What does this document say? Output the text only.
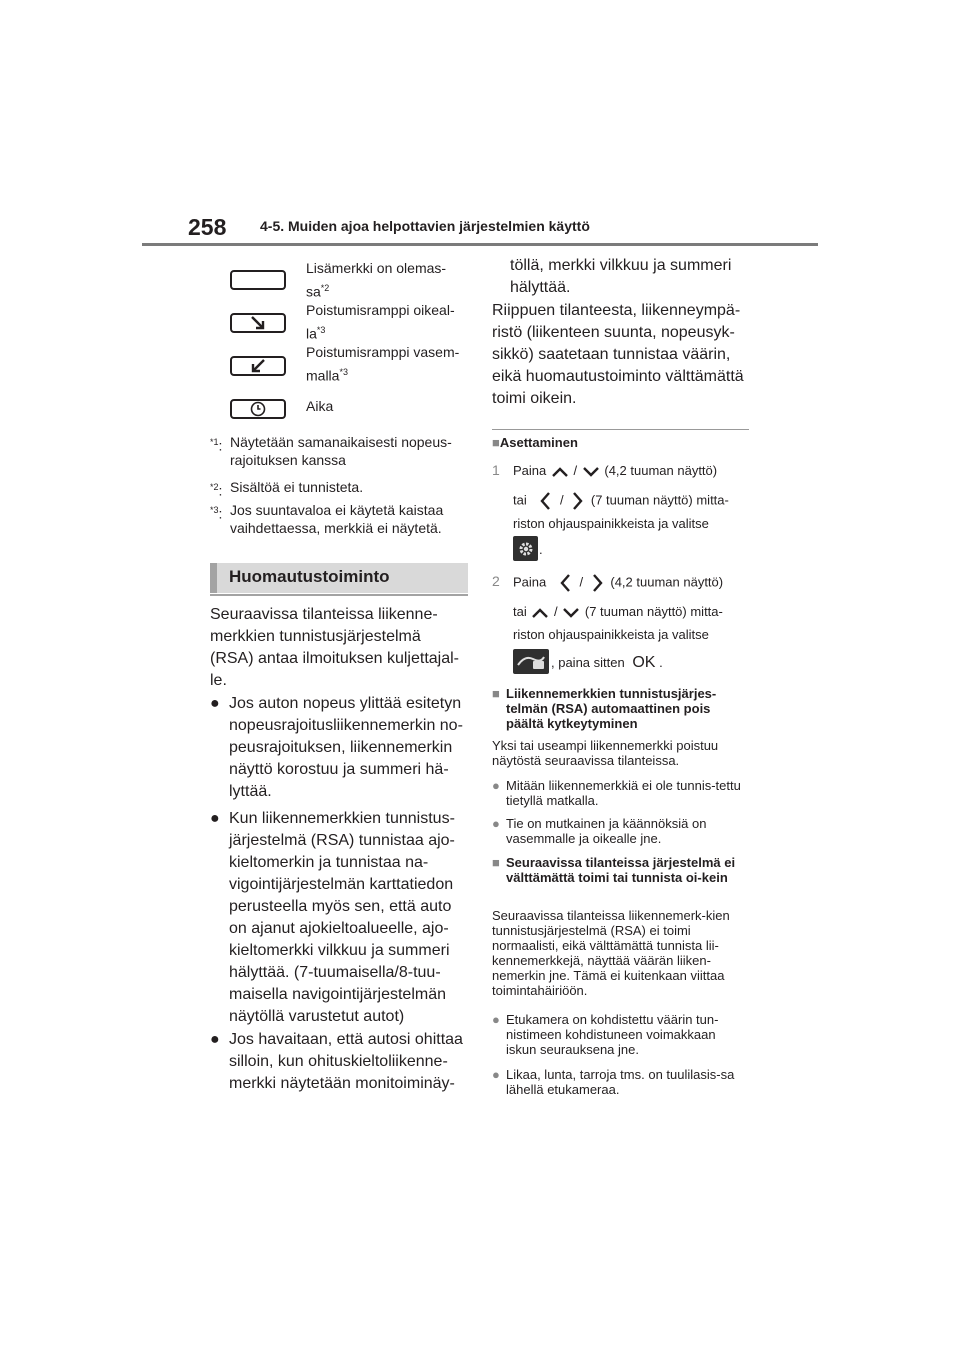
258 4-5. Muiden ajoa helpottavien järjestelmien käyttö
Lisämerkki on olemas-
$sa^{*2}$
Poistumisramppi oikeal-
$la^{*3}$
Poistumisramppi vasem-
malla$^{*3}$
Aika
$^{*1}$: Näytetään samanaikaisesti nopeus-rajoituksen kanssa
$^{*2}$: Sisältöä ei tunnisteta.
$^{*3}$: Jos suuntavaloa ei käytetä kaistaa vaihdettaessa, merkkiä ei näytetä.
Huomautustoiminto
Seuraavissa tilanteissa liikenne-merkkien tunnistusjärjestelmä (RSA) antaa ilmoituksen kuljettajal-le.
● Jos auton nopeus ylittää esitetyn nopeusrajoitusliikennemerkin no-peusrajoituksen, liikennemerkin näyttö korostuu ja summeri hä-lyttää.
● Kun liikennemerkkien tunnistus-järjestelmä (RSA) tunnistaa ajo-kieltomerkin ja tunnistaa na-vigointijärjestelmän karttatiedon perusteella myös sen, että auto on ajanut ajokieltoalueelle, ajo-kieltomerkki vilkkuu ja summeri hälyttää. (7-tuumaisella/8-tuu-maisella navigointijärjestelmän näytöllä varustetut autot)
● Jos havaitaan, että autosi ohittaa silloin, kun ohituskieltoliikenne-merkki näytetään monitoiminäy-
töllä, merkki vilkkuu ja summeri hälyttää.
Riippuen tilanteesta, liikenneympä-ristö (liikenteen suunta, nopeusyk-sikkö) saatetaan tunnistaa väärin, eikä huomautustoiminto välttämättä toimi oikein.
■Asettaminen
1 Paina / (4,2 tuuman näyttö)
tai	/ (7 tuuman näyttö) mitta-
riston ohjauspainikkeista ja valitse
.
2 Paina	/ (4,2 tuuman näyttö)
tai / (7 tuuman näyttö) mitta-
riston ohjauspainikkeista ja valitse
, paina sitten OK .
■ Liikennemerkkien tunnistusjärjes-telmän (RSA) automaattinen pois päältä kytkeytyminen
Yksi tai useampi liikennemerkki poistuu näytöstä seuraavissa tilanteissa.
● Mitään liikennemerkkiä ei ole tunnis-tettu tietyllä matkalla.
● Tie on mutkainen ja käännöksiä on vasemmalle ja oikealle jne.
■ Seuraavissa tilanteissa järjestelmä ei välttämättä toimi tai tunnista oi-kein
Seuraavissa tilanteissa liikennemerk-kien tunnistusjärjestelmä (RSA) ei toimi normaalisti, eikä välttämättä tunnista lii-kennemerkkejä, näyttää väärän liiken-nemerkin jne. Tämä ei kuitenkaan viittaa toimintahäiriöön.
● Etukamera on kohdistettu väärin tun-nistimeen kohdistuneen voimakkaan iskun seurauksena jne.
● Likaa, lunta, tarroja tms. on tuulilasis-sa lähellä etukameraa.
